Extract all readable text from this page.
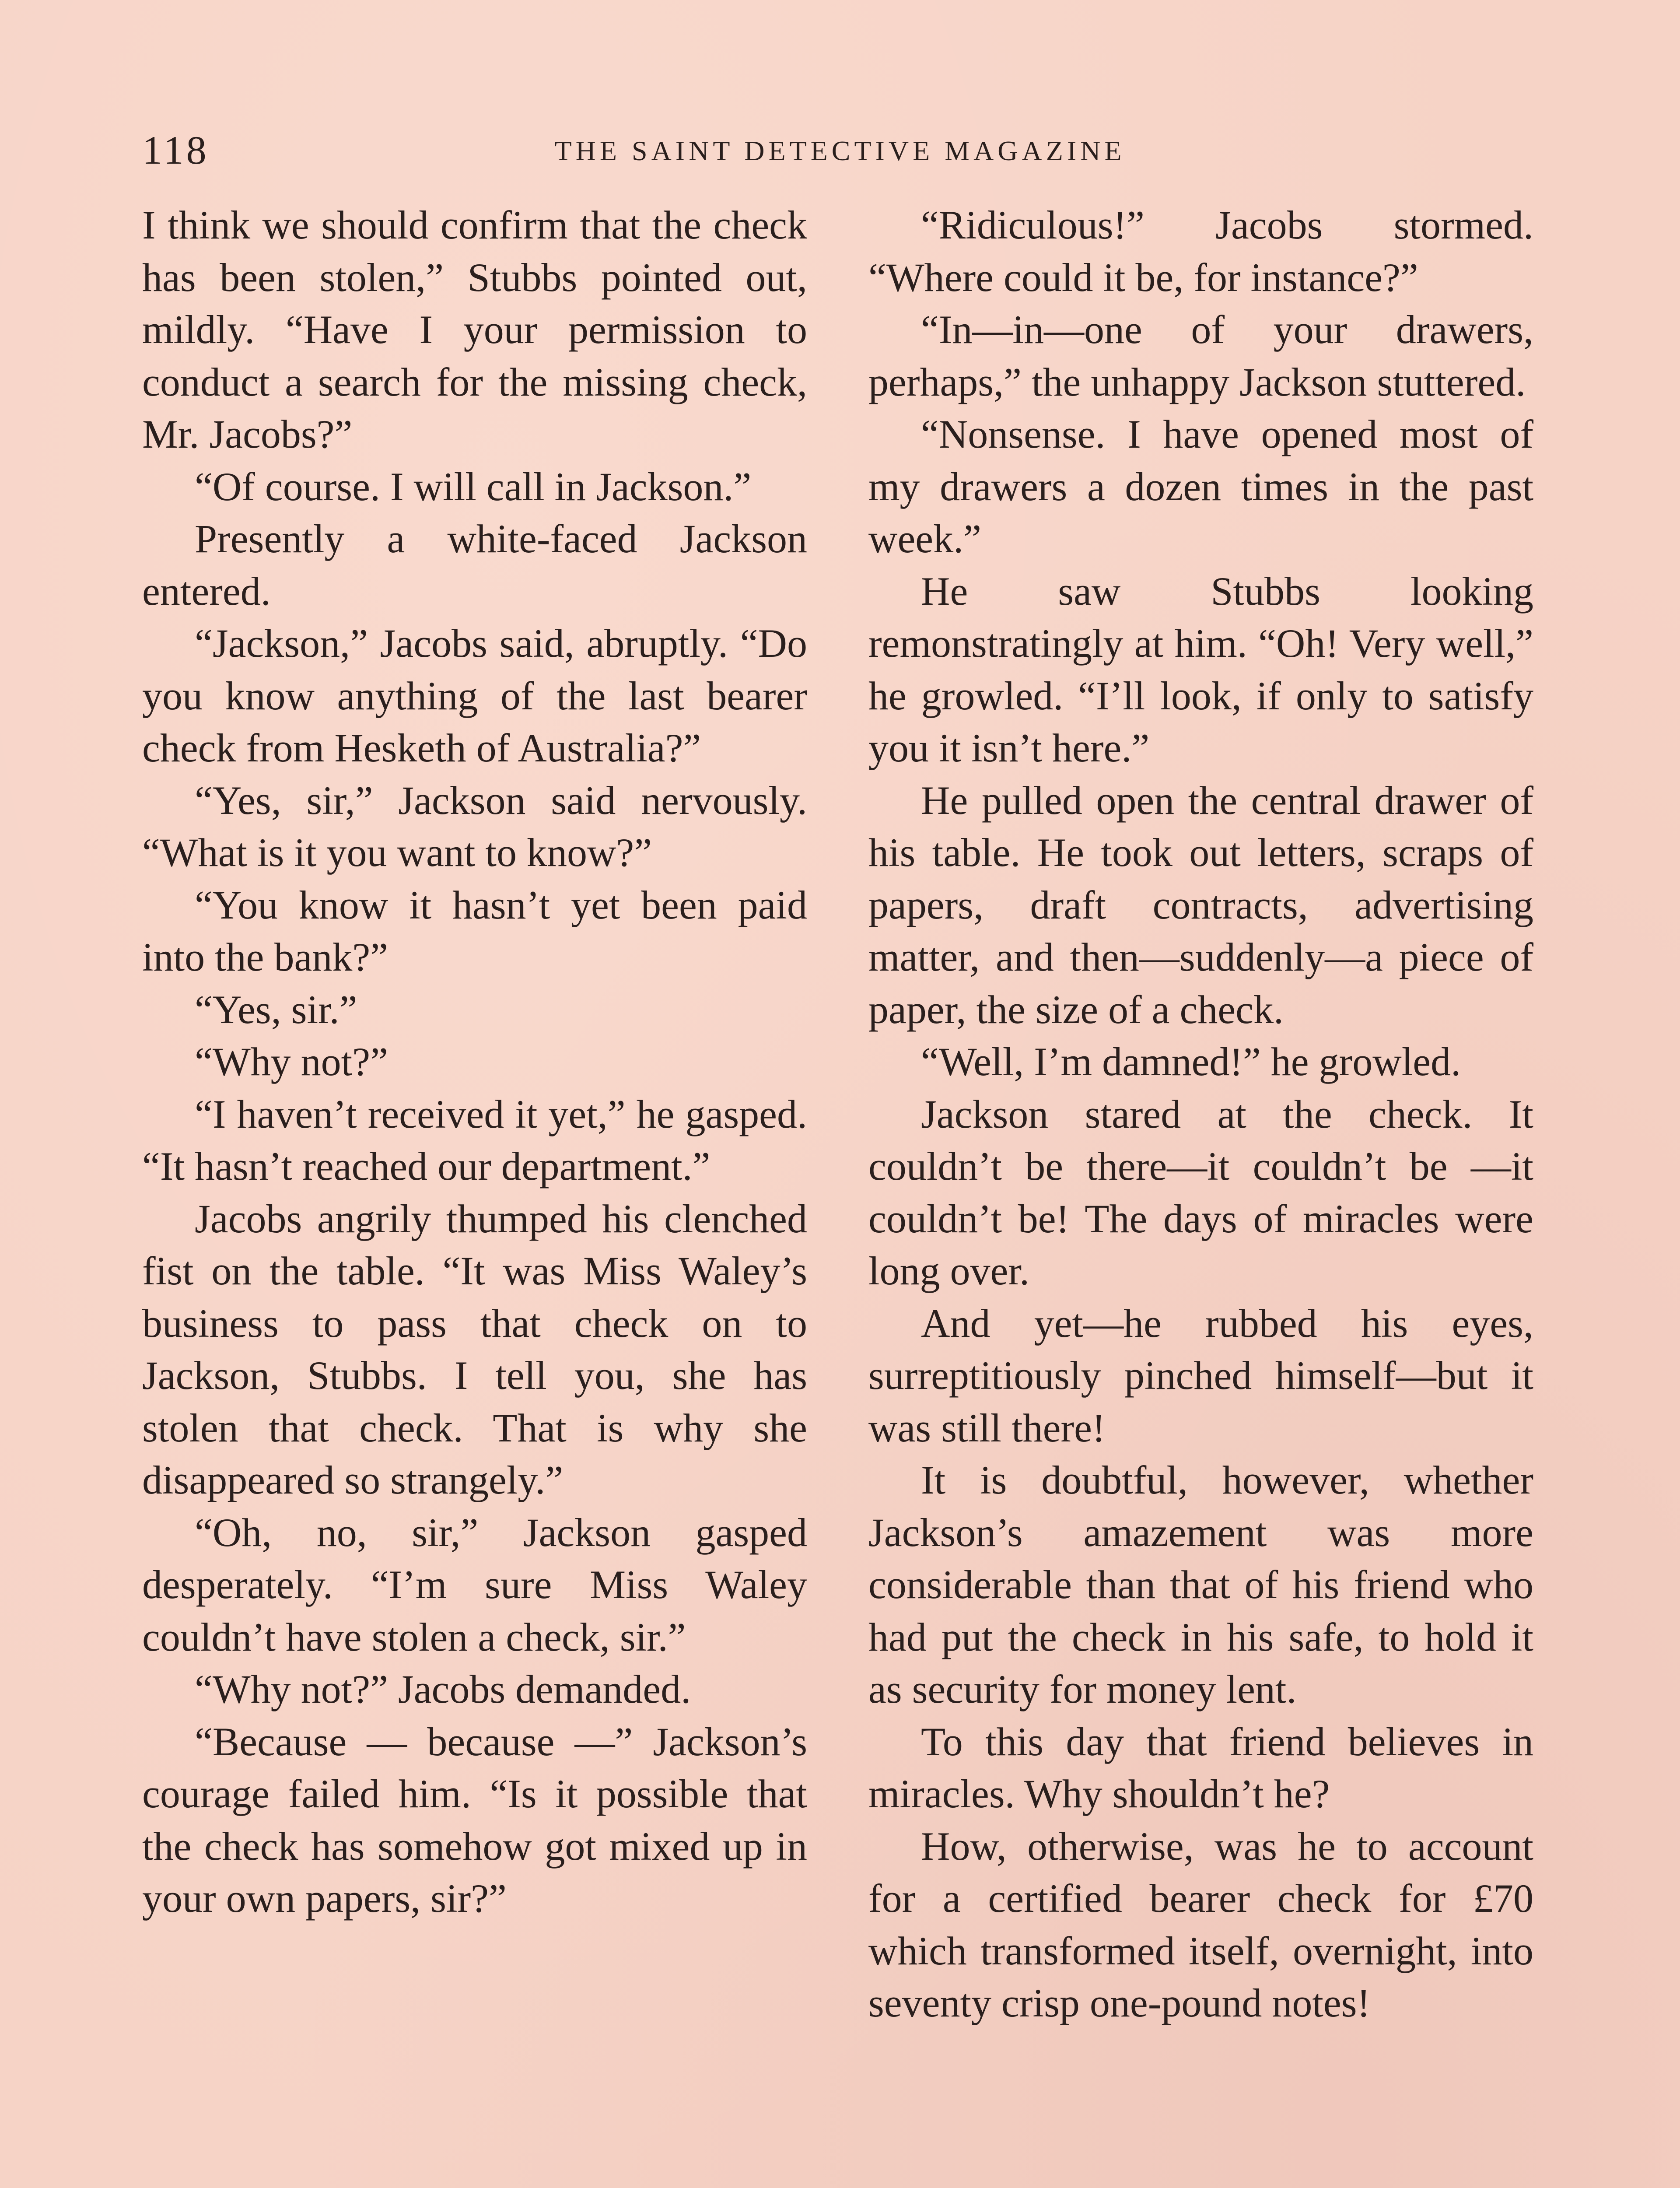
118	THE SAINT DETECTIVE MAGAZINE

I think we should confirm that the check has been stolen,” Stubbs pointed out, mildly. “Have I your permission to conduct a search for the missing check, Mr. Jacobs?”

“Of course. I will call in Jackson.”

Presently a white-faced Jackson entered.

“Jackson,” Jacobs said, abruptly. “Do you know anything of the last bearer check from Hesketh of Australia?”

“Yes, sir,” Jackson said nervously. “What is it you want to know?”

“You know it hasn’t yet been paid into the bank?”

“Yes, sir.”

“Why not?”

“I haven’t received it yet,” he gasped. “It hasn’t reached our department.”

Jacobs angrily thumped his clenched fist on the table. “It was Miss Waley’s business to pass that check on to Jackson, Stubbs. I tell you, she has stolen that check. That is why she disappeared so strangely.”

“Oh, no, sir,” Jackson gasped desperately. “I’m sure Miss Waley couldn’t have stolen a check, sir.”

“Why not?” Jacobs demanded.

“Because — because —” Jackson’s courage failed him. “Is it possible that the check has somehow got mixed up in your own papers, sir?”

“Ridiculous!” Jacobs stormed. “Where could it be, for instance?”

“In—in—one of your drawers, perhaps,” the unhappy Jackson stuttered.

“Nonsense. I have opened most of my drawers a dozen times in the past week.”

He saw Stubbs looking remonstratingly at him. “Oh! Very well,” he growled. “I’ll look, if only to satisfy you it isn’t here.”

He pulled open the central drawer of his table. He took out letters, scraps of papers, draft contracts, advertising matter, and then—suddenly—a piece of paper, the size of a check.

“Well, I’m damned!” he growled.

Jackson stared at the check. It couldn’t be there—it couldn’t be —it couldn’t be! The days of miracles were long over.

And yet—he rubbed his eyes, surreptitiously pinched himself—but it was still there!

It is doubtful, however, whether Jackson’s amazement was more considerable than that of his friend who had put the check in his safe, to hold it as security for money lent.

To this day that friend believes in miracles. Why shouldn’t he?

How, otherwise, was he to account for a certified bearer check for £70 which transformed itself, overnight, into seventy crisp one-pound notes!
